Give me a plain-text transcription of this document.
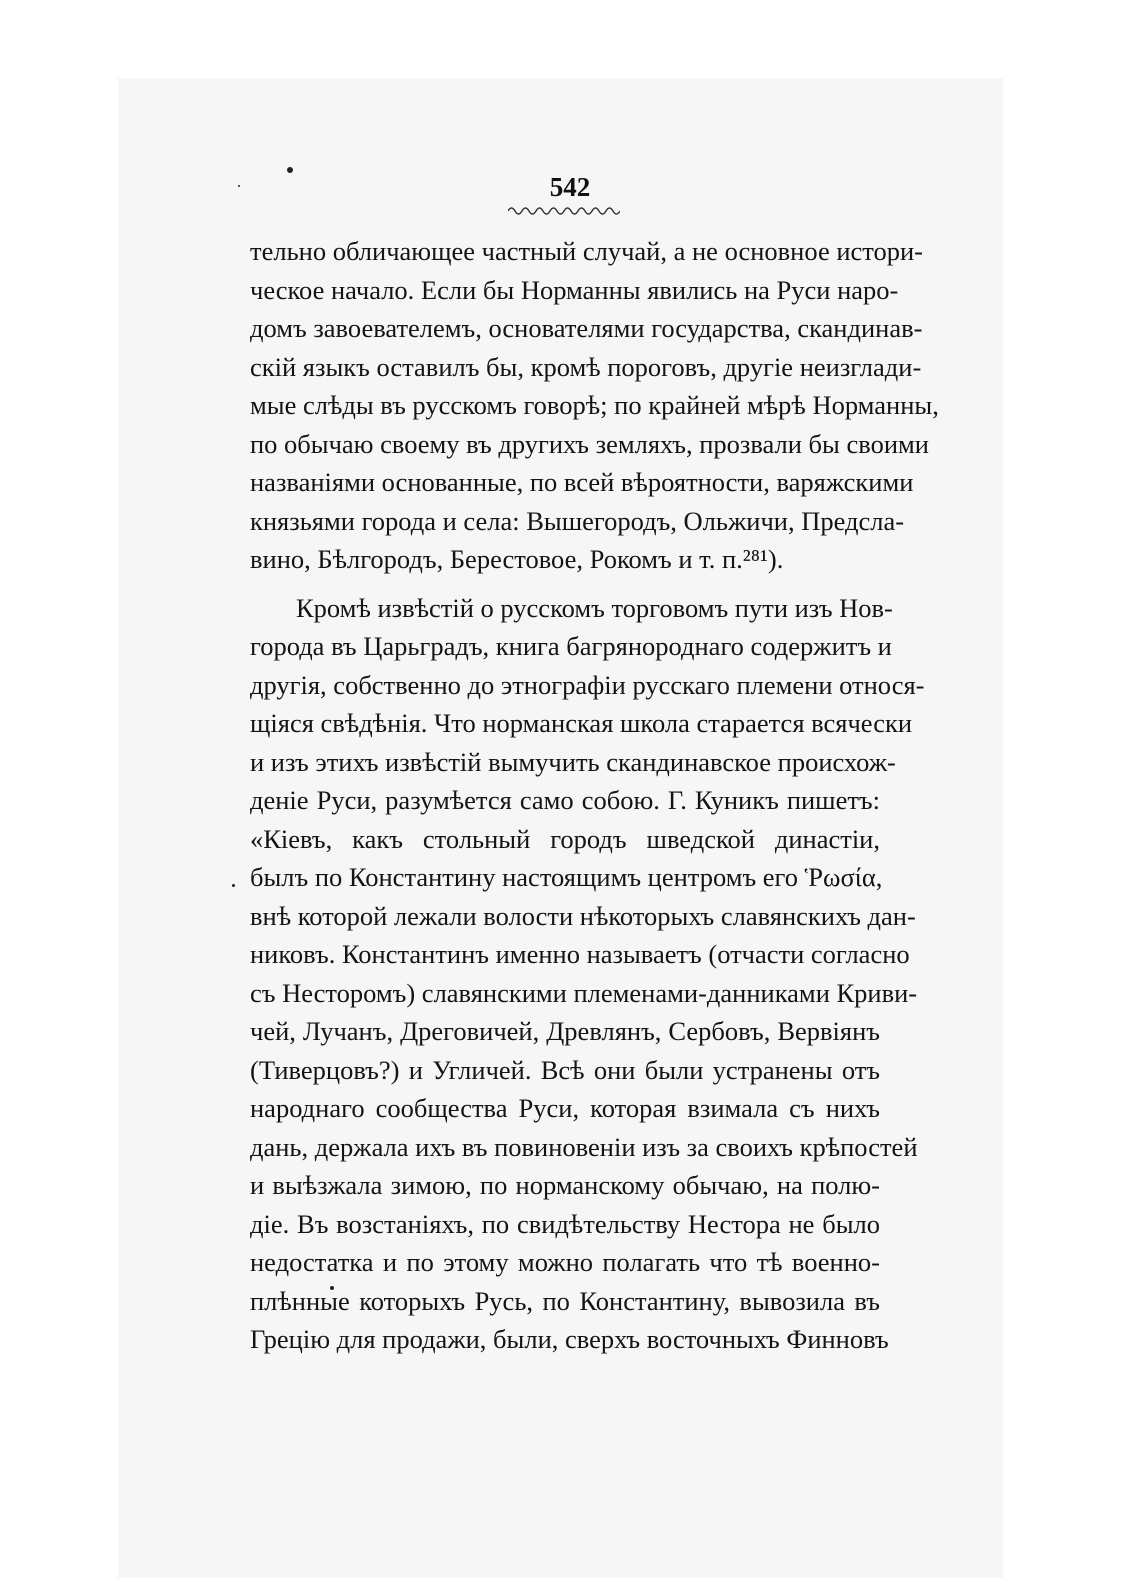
542
тельно обличающее частный случай, а не основное истори-
ческое начало. Если бы Норманны явились на Руси наро-
домъ завоевателемъ, основателями государства, скандинав-
скій языкъ оставилъ бы, кромѣ пороговъ, другіе неизглади-
мые слѣды въ русскомъ говорѣ; по крайней мѣрѣ Норманны,
по обычаю своему въ другихъ земляхъ, прозвали бы своими
названіями основанные, по всей вѣроятности, варяжскими
князьями города и села: Вышегородъ, Ольжичи, Предсла-
вино, Бѣлгородъ, Берестовое, Рокомъ и т. п.²⁸¹).
Кромѣ извѣстій о русскомъ торговомъ пути изъ Нов-
города въ Царьградъ, книга багрянороднаго содержитъ и
другія, собственно до этнографіи русскаго племени относя-
щіяся свѣдѣнія. Что норманская школа старается всячески
и изъ этихъ извѣстій вымучить скандинавское происхож-
деніе Руси, разумѣется само собою. Г. Куникъ пишетъ:
«Кіевъ, какъ стольный городъ шведской династіи,
былъ по Константину настоящимъ центромъ его Ῥωσία,
внѣ которой лежали волости нѣкоторыхъ славянскихъ дан-
никовъ. Константинъ именно называетъ (отчасти согласно
съ Несторомъ) славянскими племенами-данниками Криви-
чей, Лучанъ, Дреговичей, Древлянъ, Сербовъ, Вервіянъ
(Тиверцовъ?) и Угличей. Всѣ они были устранены отъ
народнаго сообщества Руси, которая взимала съ нихъ
дань, держала ихъ въ повиновеніи изъ за своихъ крѣпостей
и выѣзжала зимою, по норманскому обычаю, на полю-
діе. Въ возстаніяхъ, по свидѣтельству Нестора не было
недостатка и по этому можно полагать что тѣ военно-
плѣнные которыхъ Русь, по Константину, вывозила въ
Грецію для продажи, были, сверхъ восточныхъ Финновъ
